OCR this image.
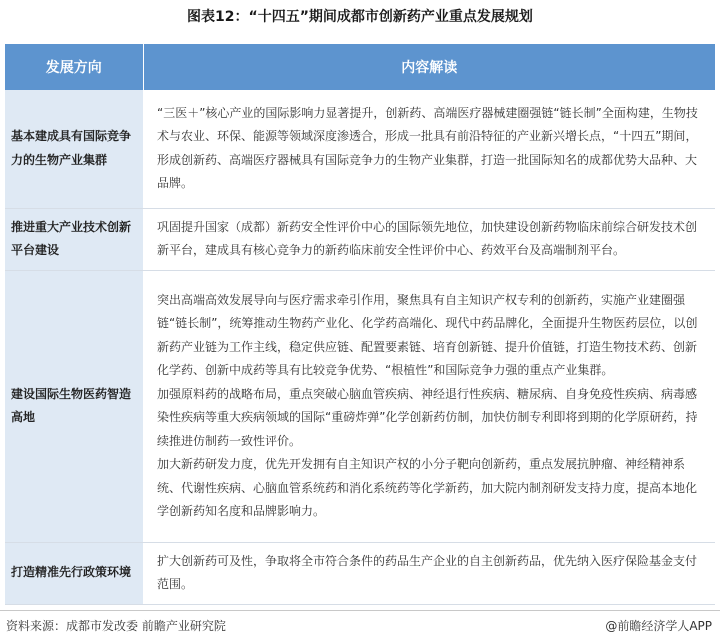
图表12：“十四五”期间成都市创新药产业重点发展规划
发展方向	内容解读
基本建成具有国际竞争力的生物产业集群	“三医＋”核心产业的国际影响力显著提升，创新药、高端医疗器械建圈强链“链长制”全面构建，生物技术与农业、环保、能源等领域深度渗透合，形成一批具有前沿特征的产业新兴增长点，“十四五”期间，形成创新药、高端医疗器械具有国际竞争力的生物产业集群，打造一批国际知名的成都优势大品种、大品牌。

推进重大产业技术创新平台建设	巩固提升国家（成都）新药安全性评价中心的国际领先地位，加快建设创新药物临床前综合研发技术创新平台，建成具有核心竞争力的新药临床前安全性评价中心、药效平台及高端制剂平台。

建设国际生物医药智造高地	突出高端高效发展导向与医疗需求牵引作用，聚焦具有自主知识产权专利的创新药，实施产业建圈强链“链长制”，统筹推动生物药产业化、化学药高端化、现代中药品牌化，全面提升生物医药层位，以创新药产业链为工作主线，稳定供应链、配置要素链、培育创新链、提升价值链，打造生物技术药、创新化学药、创新中成药等具有比较竞争优势、“根植性”和国际竞争力强的重点产业集群。
加强原料药的战略布局，重点突破心脑血管疾病、神经退行性疾病、糖尿病、自身免疫性疾病、病毒感染性疾病等重大疾病领域的国际“重磅炸弹”化学创新药仿制，加快仿制专利即将到期的化学原研药，持续推进仿制药一致性评价。
加大新药研发力度，优先开发拥有自主知识产权的小分子靶向创新药，重点发展抗肿瘤、神经精神系统、代谢性疾病、心脑血管系统药和消化系统药等化学新药，加大院内制剂研发支持力度，提高本地化学创新药知名度和品牌影响力。

打造精准先行政策环境	扩大创新药可及性，争取将全市符合条件的药品生产企业的自主创新药品，优先纳入医疗保险基金支付范围。
资料来源：成都市发改委 前瞻产业研究院	@前瞻经济学人APP
